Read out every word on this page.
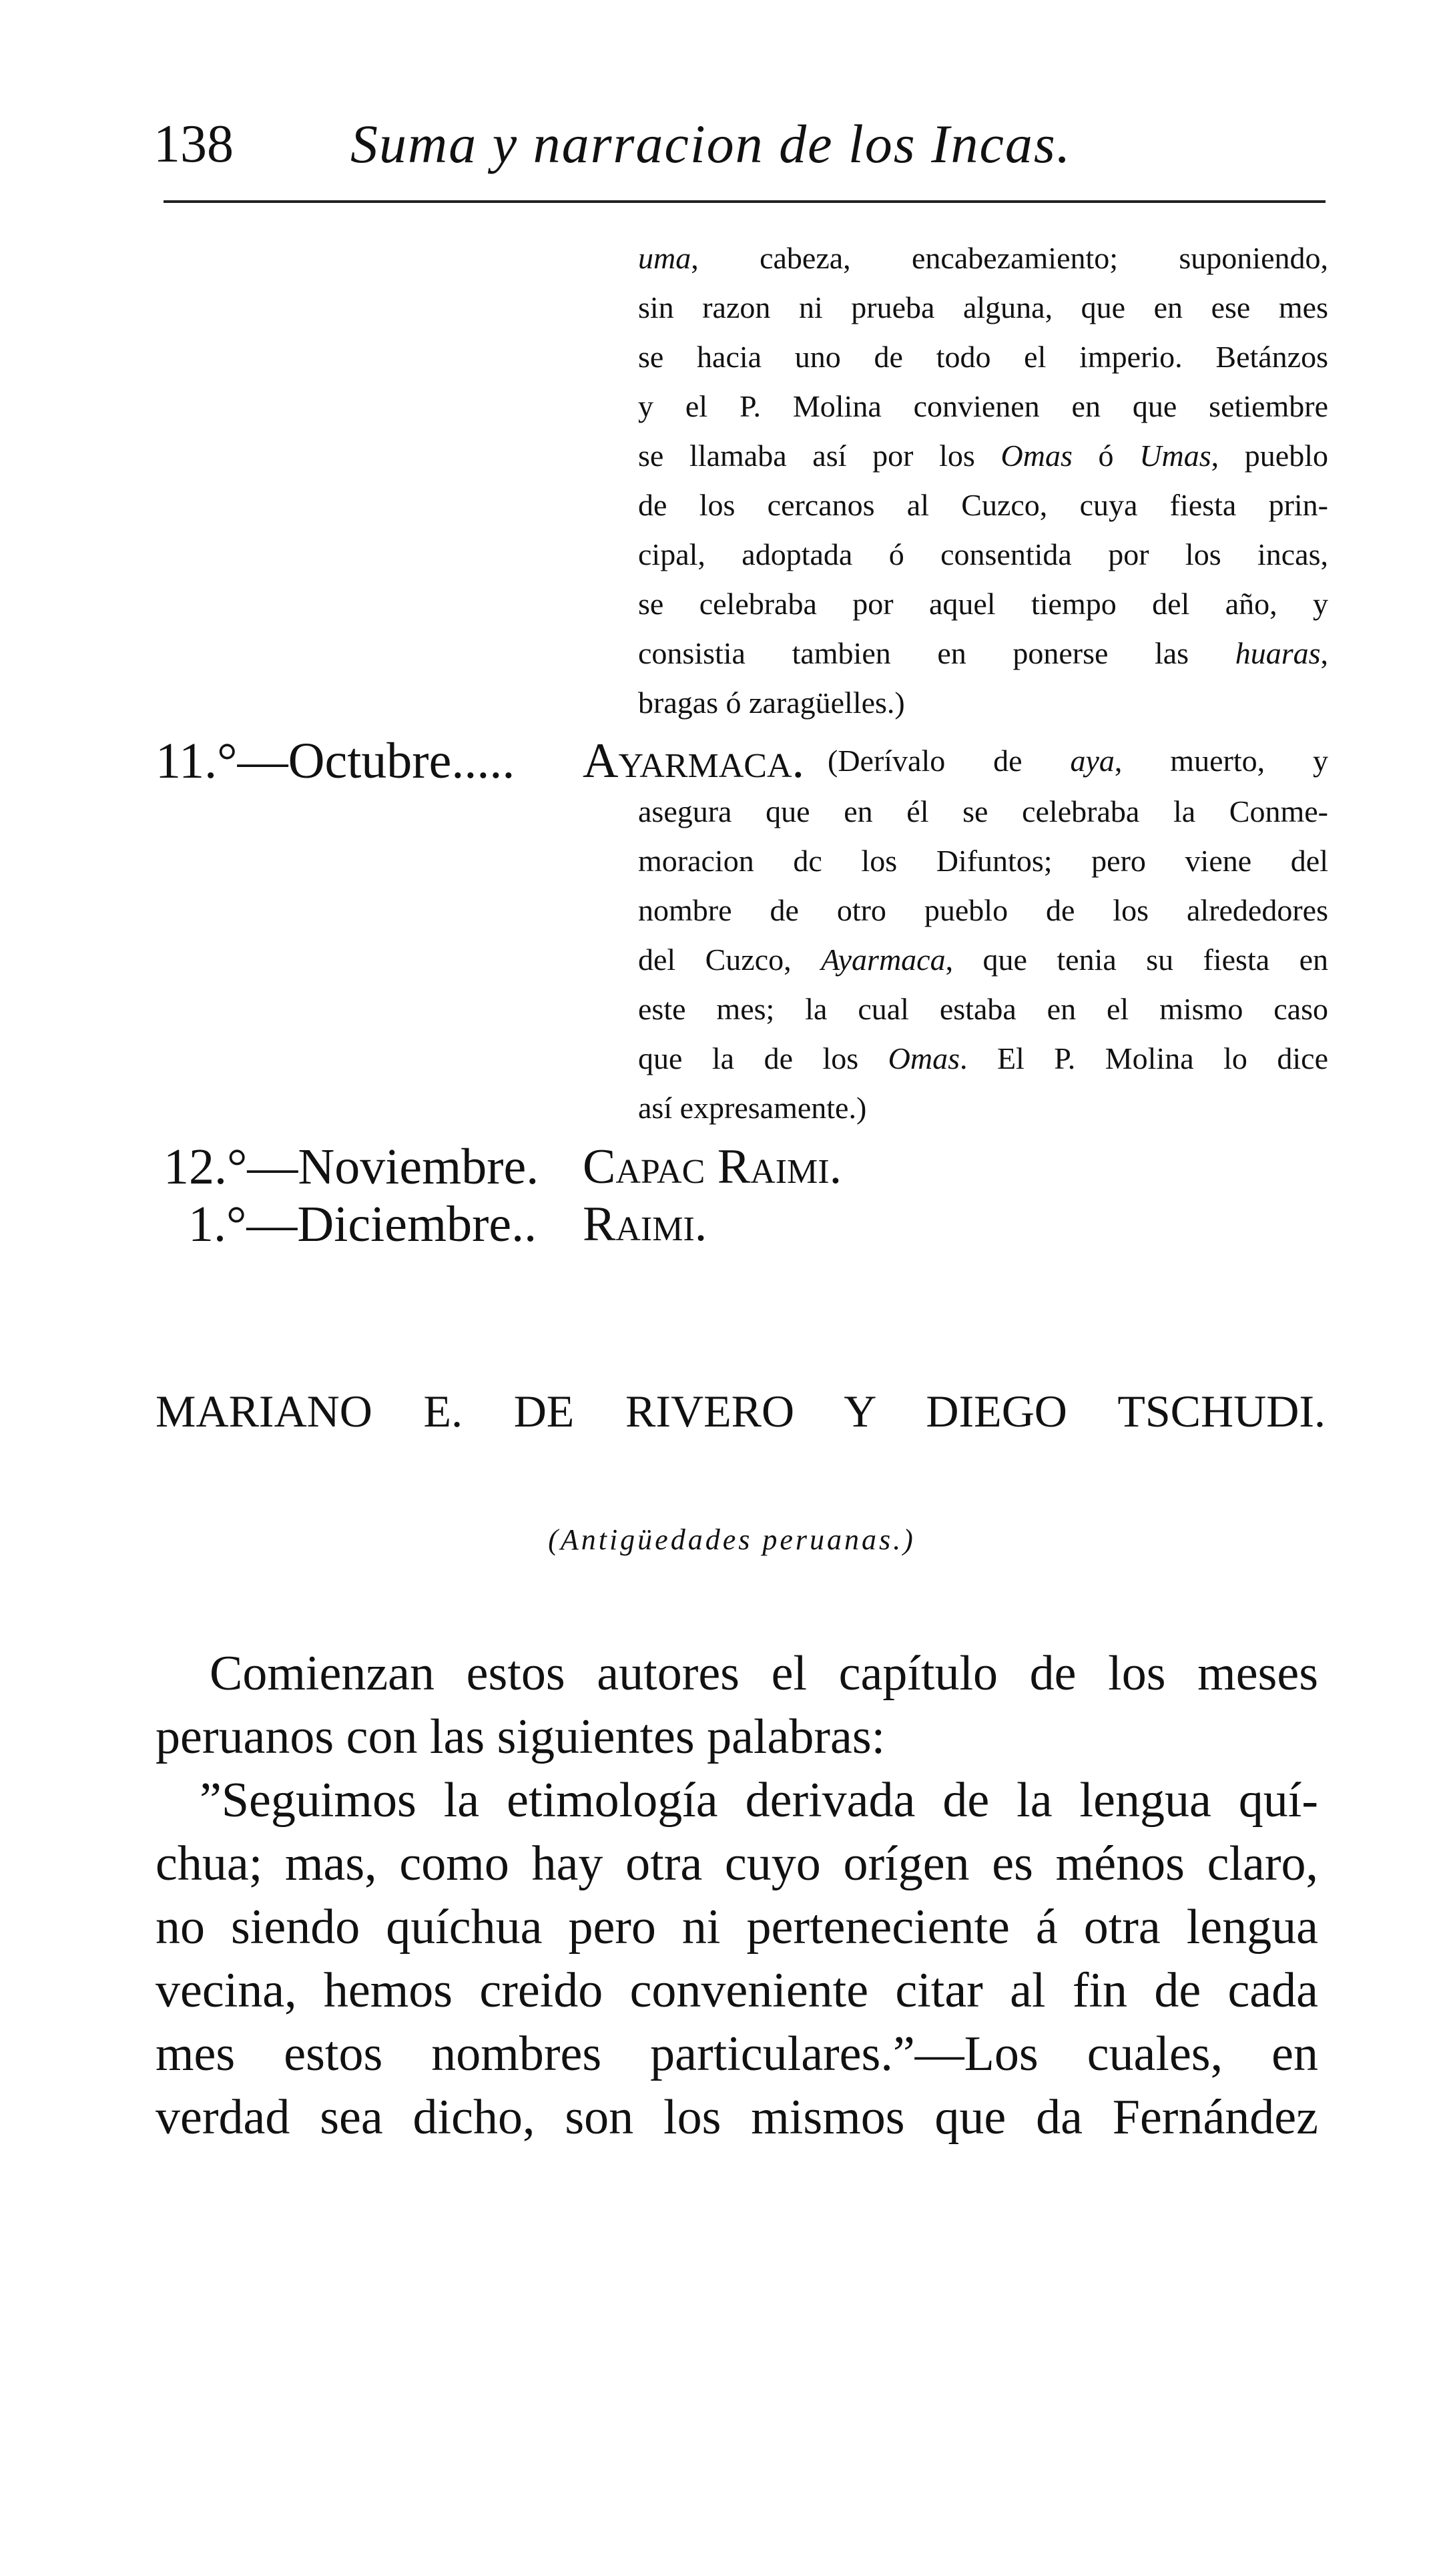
138 Suma y narracion de los Incas.
uma, cabeza, encabezamiento; suponiendo,
sin razon ni prueba alguna, que en ese mes
se hacia uno de todo el imperio. Betánzos
y el P. Molina convienen en que setiembre
se llamaba así por los Omas ó Umas, pueblo
de los cercanos al Cuzco, cuya fiesta prin-
cipal, adoptada ó consentida por los incas,
se celebraba por aquel tiempo del año, y
consistia tambien en ponerse las huaras,
bragas ó zaragüelles.)
11.°—Octubre..... Ayarmaca. (Derívalo de aya, muerto, y
asegura que en él se celebraba la Conme-
moracion dc los Difuntos; pero viene del
nombre de otro pueblo de los alrededores
del Cuzco, Ayarmaca, que tenia su fiesta en
este mes; la cual estaba en el mismo caso
que la de los Omas. El P. Molina lo dice
así expresamente.)
12.°—Noviembre. Capac Raimi.
1.°—Diciembre.. Raimi.
MARIANO E. DE RIVERO Y DIEGO TSCHUDI.
(Antigüedades peruanas.)
Comienzan estos autores el capítulo de los meses
peruanos con las siguientes palabras:
”Seguimos la etimología derivada de la lengua quí-
chua; mas, como hay otra cuyo orígen es ménos claro,
no siendo quíchua pero ni perteneciente á otra lengua
vecina, hemos creido conveniente citar al fin de cada
mes estos nombres particulares.”—Los cuales, en
verdad sea dicho, son los mismos que da Fernández
